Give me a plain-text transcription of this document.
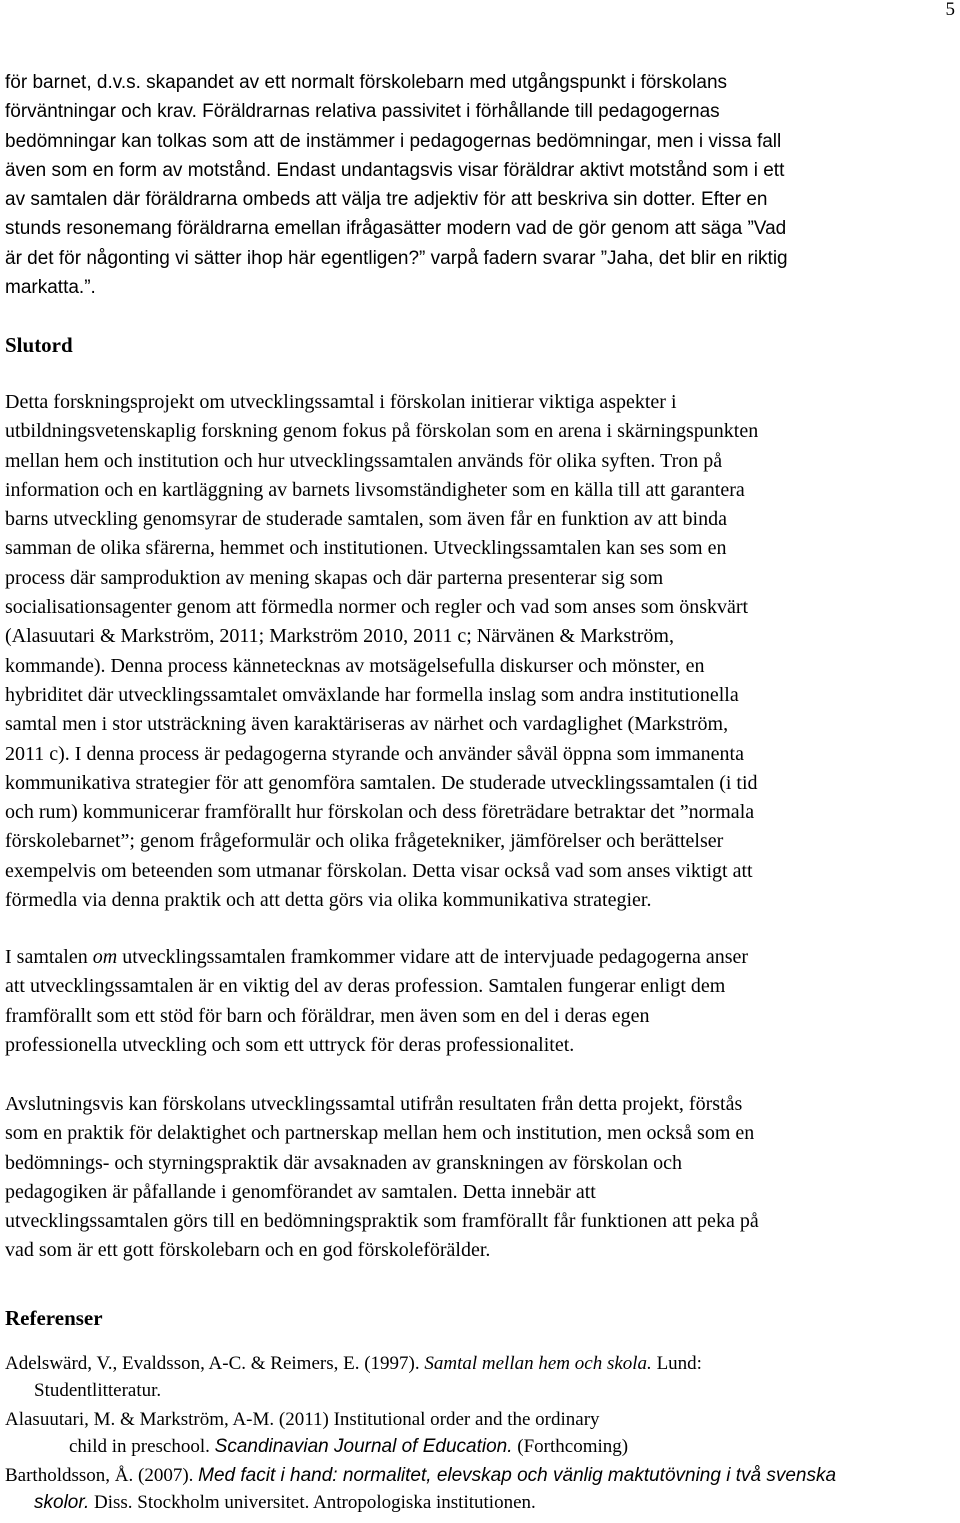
5

för barnet, d.v.s. skapandet av ett normalt förskolebarn med utgångspunkt i förskolans

förväntningar och krav. Föräldrarnas relativa passivitet i förhållande till pedagogernas

bedömningar kan tolkas som att de instämmer i pedagogernas bedömningar, men i vissa fall

även som en form av motstånd. Endast undantagsvis visar föräldrar aktivt motstånd som i ett

av samtalen där föräldrarna ombeds att välja tre adjektiv för att beskriva sin dotter. Efter en

stunds resonemang föräldrarna emellan ifrågasätter modern vad de gör genom att säga ”Vad

är det för någonting vi sätter ihop här egentligen?” varpå fadern svarar ”Jaha, det blir en riktig

markatta.”.

Slutord

Detta forskningsprojekt om utvecklingssamtal i förskolan initierar viktiga aspekter i

utbildningsvetenskaplig forskning genom fokus på förskolan som en arena i skärningspunkten

mellan hem och institution och hur utvecklingssamtalen används för olika syften. Tron på

information och en kartläggning av barnets livsomständigheter som en källa till att garantera

barns utveckling genomsyrar de studerade samtalen, som även får en funktion av att binda

samman de olika sfärerna, hemmet och institutionen. Utvecklingssamtalen kan ses som en

process där samproduktion av mening skapas och där parterna presenterar sig som

socialisationsagenter genom att förmedla normer och regler och vad som anses som önskvärt

(Alasuutari & Markström, 2011; Markström 2010, 2011 c; Närvänen & Markström,

kommande). Denna process kännetecknas av motsägelsefulla diskurser och mönster, en

hybriditet där utvecklingssamtalet omväxlande har formella inslag som andra institutionella

samtal men i stor utsträckning även karaktäriseras av närhet och vardaglighet (Markström,

2011 c). I denna process är pedagogerna styrande och använder såväl öppna som immanenta

kommunikativa strategier för att genomföra samtalen. De studerade utvecklingssamtalen (i tid

och rum) kommunicerar framförallt hur förskolan och dess företrädare betraktar det ”normala

förskolebarnet”; genom frågeformulär och olika frågetekniker, jämförelser och berättelser

exempelvis om beteenden som utmanar förskolan. Detta visar också vad som anses viktigt att

förmedla via denna praktik och att detta görs via olika kommunikativa strategier.

I samtalen om utvecklingssamtalen framkommer vidare att de intervjuade pedagogerna anser

att utvecklingssamtalen är en viktig del av deras profession. Samtalen fungerar enligt dem

framförallt som ett stöd för barn och föräldrar, men även som en del i deras egen

professionella utveckling och som ett uttryck för deras professionalitet.

Avslutningsvis kan förskolans utvecklingssamtal utifrån resultaten från detta projekt, förstås

som en praktik för delaktighet och partnerskap mellan hem och institution, men också som en

bedömnings- och styrningspraktik där avsaknaden av granskningen av förskolan och

pedagogiken är påfallande i genomförandet av samtalen. Detta innebär att

utvecklingssamtalen görs till en bedömningspraktik som framförallt får funktionen att peka på

vad som är ett gott förskolebarn och en god förskoleförälder.

Referenser
Adelswärd, V., Evaldsson, A-C. & Reimers, E. (1997). Samtal mellan hem och skola. Lund:
Studentlitteratur.
Alasuutari, M. & Markström, A-M. (2011) Institutional order and the ordinary
child in preschool. Scandinavian Journal of Education. (Forthcoming)
Bartholdsson, Å. (2007). Med facit i hand: normalitet, elevskap och vänlig maktutövning i två svenska
skolor. Diss. Stockholm universitet. Antropologiska institutionen.
